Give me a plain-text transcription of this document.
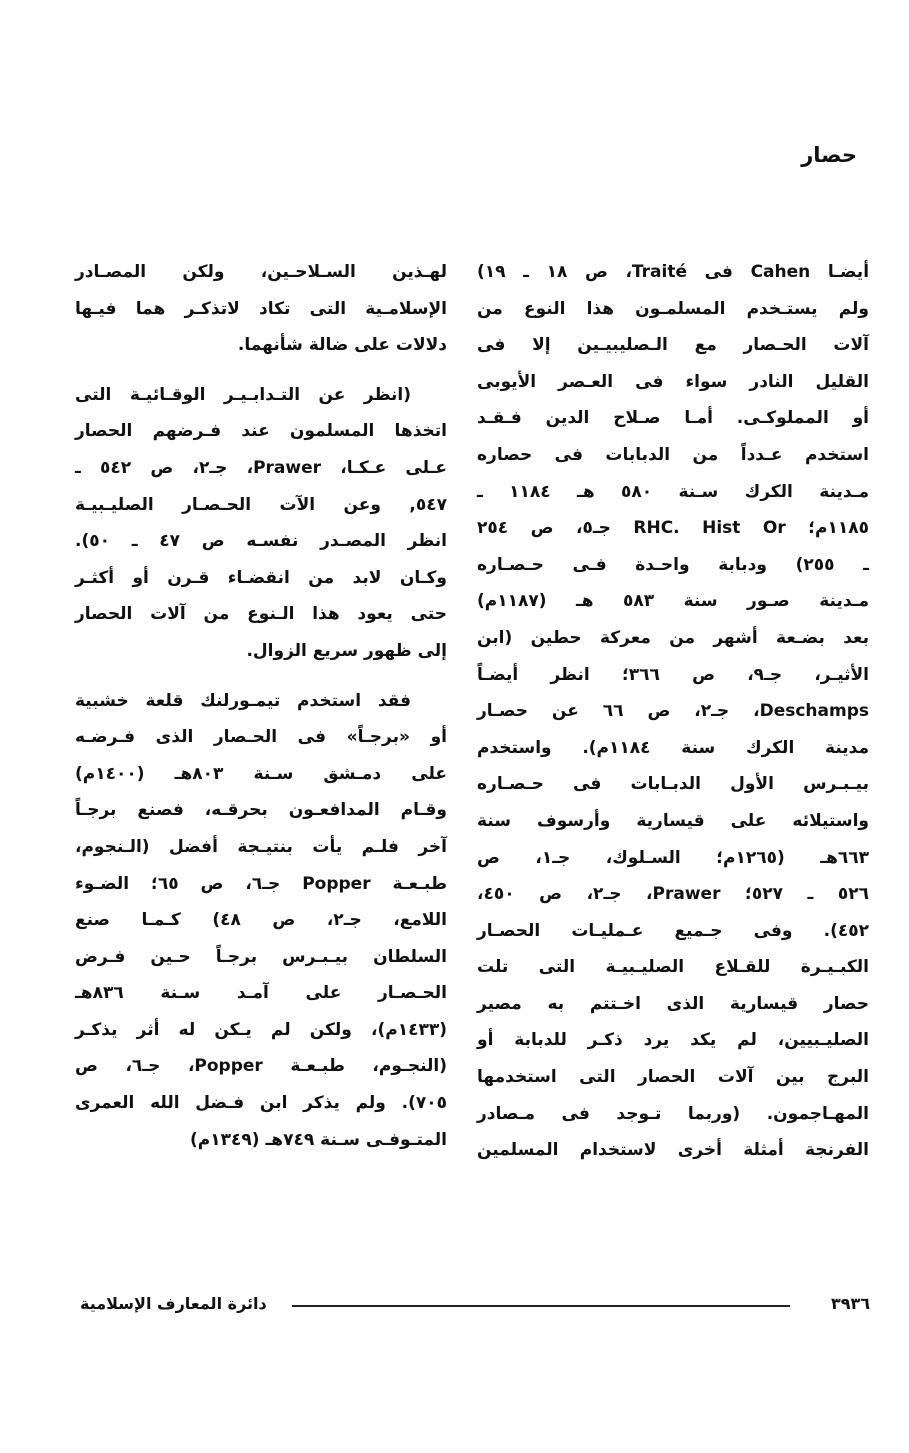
حصار
أيضـا Cahen فى Traité، ص ١٨ ـ ١٩)
ولم يستـخدم المسلمـون هذا النوع من
آلات الحـصار مع الـصليبيـين إلا فى
القليل النادر سواء فى العـصر الأيوبى
أو المملوكـى. أمـا صـلاح الدين فـقـد
استخدم عـدداً من الدبابات فى حصاره
مـدينة الكرك سـنة ٥٨٠ هـ ١١٨٤ ـ
١١٨٥م؛ RHC. Hist Or جـ٥، ص ٢٥٤
ـ ٢٥٥) ودبابة واحـدة فـى حـصـاره
مـدينة صـور سنة ٥٨٣ هـ (١١٨٧م)
بعد بضـعة أشهر من معركة حطين (ابن
الأثيـر، جـ٩، ص ٣٦٦؛ انظر أيضـاً
Deschamps، جـ٢، ص ٦٦ عن حصـار
مدينة الكرك سنة ١١٨٤م). واستخدم
بيـبـرس الأول الدبـابات فى حـصـاره
واستيلائه على قيسارية وأرسوف سنة
٦٦٣هـ (١٢٦٥م؛ السـلوك، جـ١، ص
٥٢٦ ـ ٥٢٧؛ Prawer، جـ٢، ص ٤٥٠،
٤٥٢). وفى جـميع عـمليـات الحصـار
الكبـيـرة للقـلاع الصليـبيـة التى تلت
حصار قيسارية الذى اخـتتم به مصير
الصليـبيين، لم يكد يرد ذكـر للدبابة أو
البرج بين آلات الحصار التى استخدمها
المهـاجمون. (وربما تـوجد فى مـصادر
الفرنجة أمثلة أخرى لاستخدام المسلمين
لهـذين السـلاحـين، ولكن المصـادر
الإسلامـية التى تكاد لاتذكـر هما فيـها
دلالات على ضالة شأنهما.
(انظر عن التـدابـيـر الوقـائيـة التى
اتخذها المسلمون عند فـرضهم الحصار
عـلى عـكـا، Prawer، جـ٢، ص ٥٤٢ ـ
٥٤٧, وعن الآت الحـصـار الصليـبيـة
انظر المصـدر نفسـه ص ٤٧ ـ ٥٠).
وكـان لابد من انقضـاء قـرن أو أكثـر
حتى يعود هذا الـنوع من آلات الحصار
إلى ظهور سريع الزوال.
فقد استخدم تيمـورلنك قلعة خشبية
أو «برجـاً» فى الحـصار الذى فـرضـه
على دمـشق سـنة ٨٠٣هـ (١٤٠٠م)
وقـام المدافعـون بحرقـه، فصنع برجـاً
آخر فلـم يأت بنتيـجة أفضل (الـنجوم،
طبـعـة Popper جـ٦، ص ٦٥؛ الضـوء
اللامع، جـ٢، ص ٤٨) كـمـا صنع
السلطان بيـبـرس برجـاً حـين فـرض
الحـصـار على آمـد سـنة ٨٣٦هـ
(١٤٣٣م)، ولكن لم يـكن له أثر يذكـر
(النجـوم، طبـعـة Popper، جـ٦، ص
٧٠٥). ولم يذكر ابن فـضل الله العمرى
المتـوفـى سـنة ٧٤٩هـ (١٣٤٩م)
٣٩٣٦
دائرة المعارف الإسلامية
